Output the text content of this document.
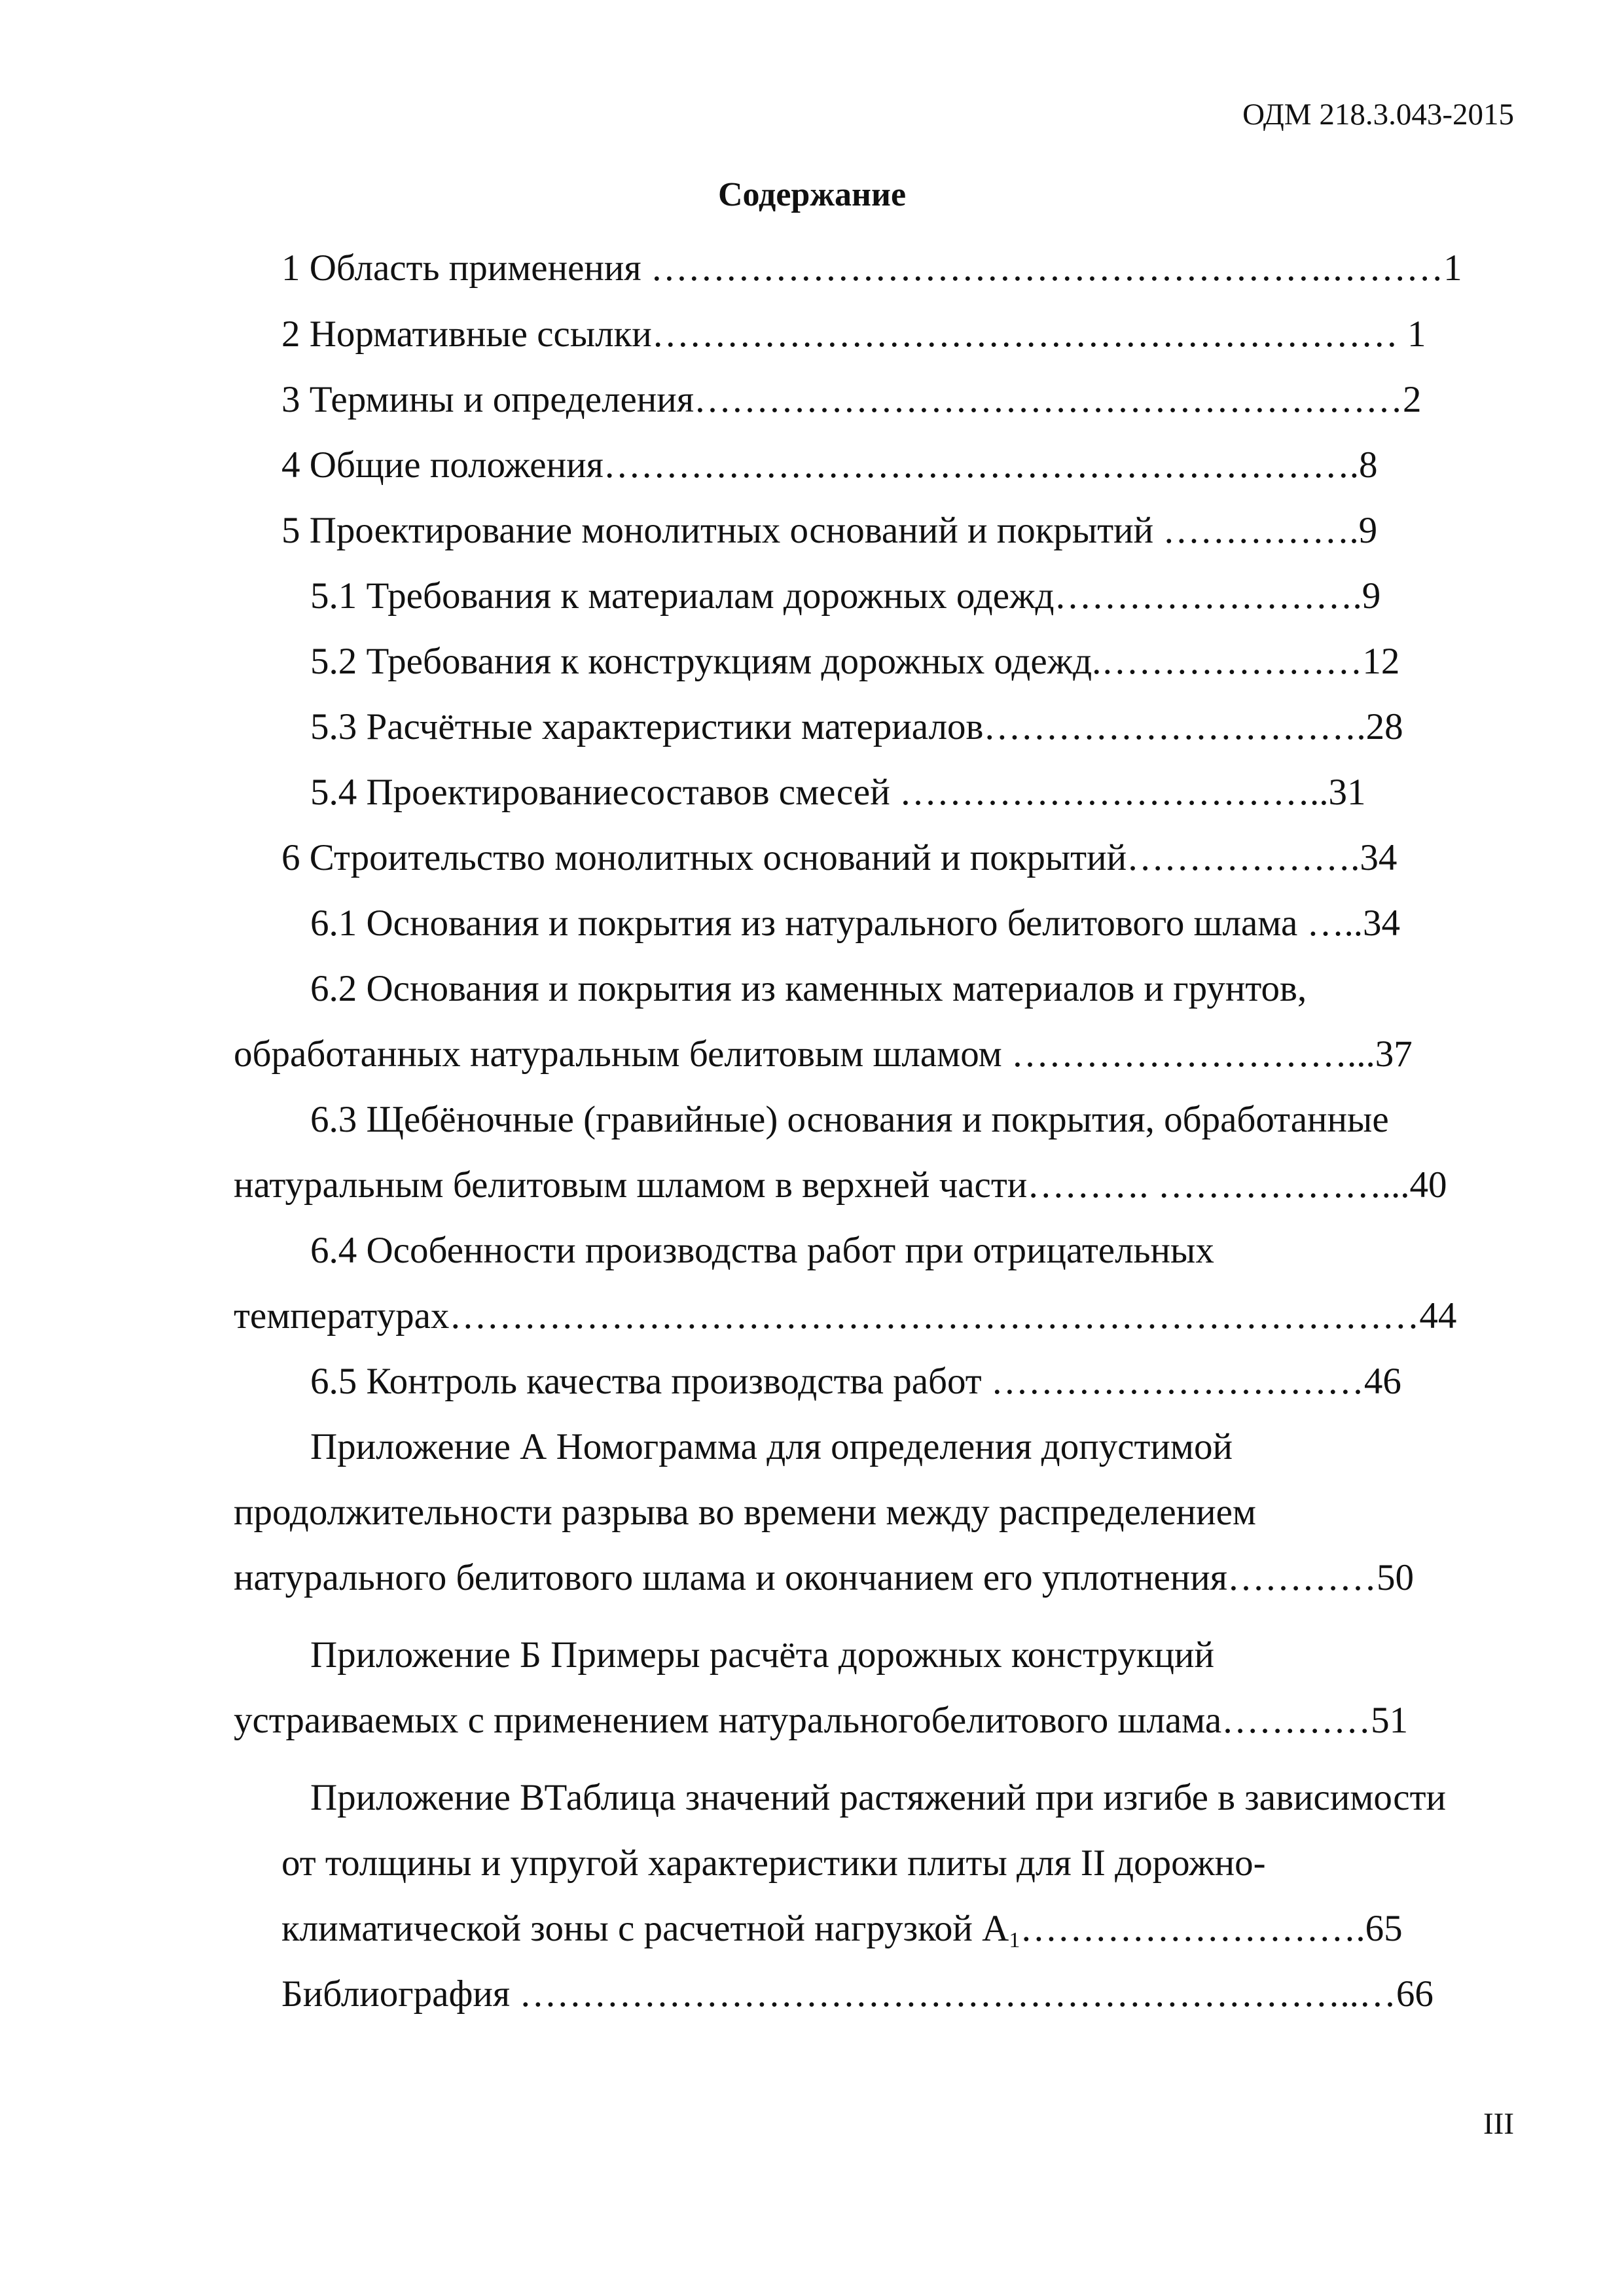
ОДМ 218.3.043-2015
Содержание
1 Область применения ……………………………………………….………1
2 Нормативные ссылки…………………………………………………… 1
3 Термины и определения…………………………………………………2
4 Общие положения…………………………………………………….8
5 Проектирование монолитных оснований и покрытий …………….9
5.1 Требования к материалам дорожных одежд…………………….9
5.2 Требования к конструкциям дорожных одежд.…………………12
5.3 Расчётные характеристики материалов………………………….28
5.4 Проектированиесоставов смесей ……………………………..31
6 Строительство монолитных оснований и покрытий……………….34
6.1 Основания и покрытия из натурального белитового шлама …..34
6.2 Основания и покрытия из каменных материалов и грунтов,
обработанных натуральным белитовым шламом ………………………...37
6.3 Щебёночные (гравийные) основания и покрытия, обработанные
натуральным белитовым шламом в верхней части………. ………………...40
6.4 Особенности производства работ при отрицательных
температурах……………………………………………………………………44
6.5 Контроль качества производства работ …………………………46
Приложение А Номограмма для определения допустимой
продолжительности разрыва во времени между распределением
натурального белитового шлама и окончанием его уплотнения…………50
Приложение Б Примеры расчёта дорожных конструкций
устраиваемых с применением натуральногобелитового шлама…………51
Приложение ВТаблица значений растяжений при изгибе в зависимости
от толщины и упругой характеристики плиты для II дорожно-
климатической зоны с расчетной нагрузкой А1……………………….65
Библиография …………………………………………………………..…66
III
